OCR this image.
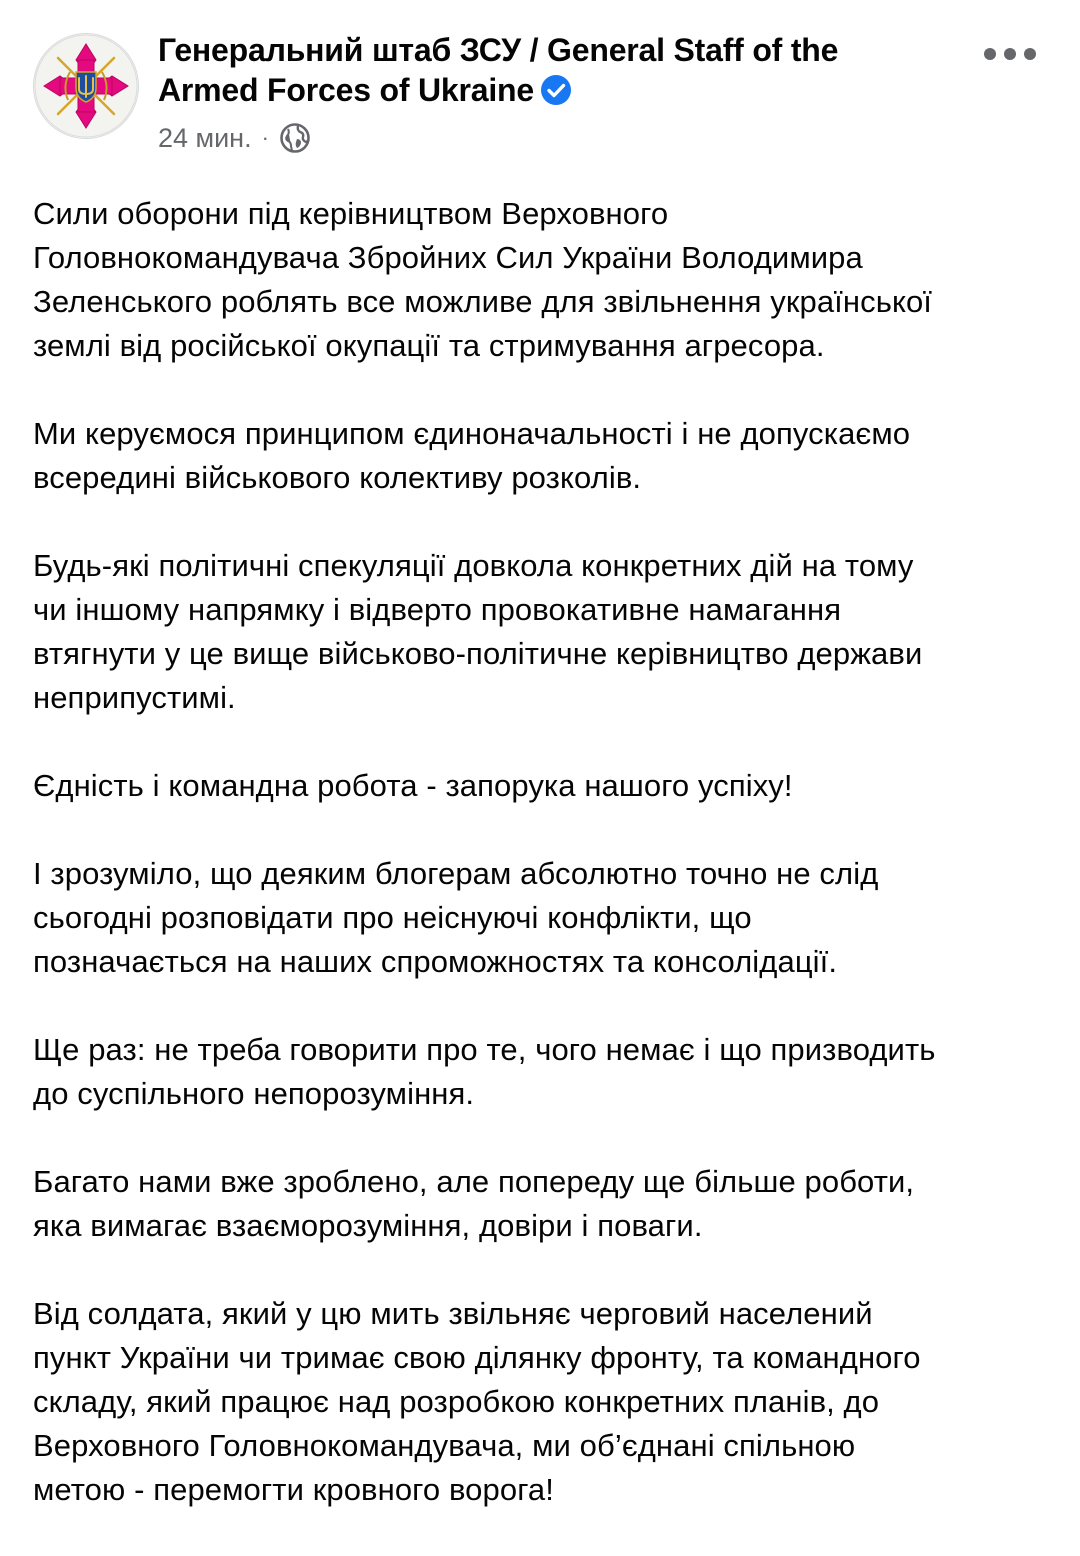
Генеральний штаб ЗСУ / General Staff of the
Armed Forces of Ukraine
24 мин. ·

Сили оборони під керівництвом Верховного
Головнокомандувача Збройних Сил України Володимира
Зеленського роблять все можливе для звільнення української
землі від російської окупації та стримування агресора.

Ми керуємося принципом єдиноначальності і не допускаємо
всередині військового колективу розколів.

Будь-які політичні спекуляції довкола конкретних дій на тому
чи іншому напрямку і відверто провокативне намагання
втягнути у це вище військово-політичне керівництво держави
неприпустимі.

Єдність і командна робота - запорука нашого успіху!

І зрозуміло, що деяким блогерам абсолютно точно не слід
сьогодні розповідати про неіснуючі конфлікти, що
позначається на наших спроможностях та консолідації.

Ще раз: не треба говорити про те, чого немає і що призводить
до суспільного непорозуміння.

Багато нами вже зроблено, але попереду ще більше роботи,
яка вимагає взаєморозуміння, довіри і поваги.

Від солдата, який у цю мить звільняє черговий населений
пункт України чи тримає свою ділянку фронту, та командного
складу, який працює над розробкою конкретних планів, до
Верховного Головнокомандувача, ми об’єднані спільною
метою - перемогти кровного ворога!
